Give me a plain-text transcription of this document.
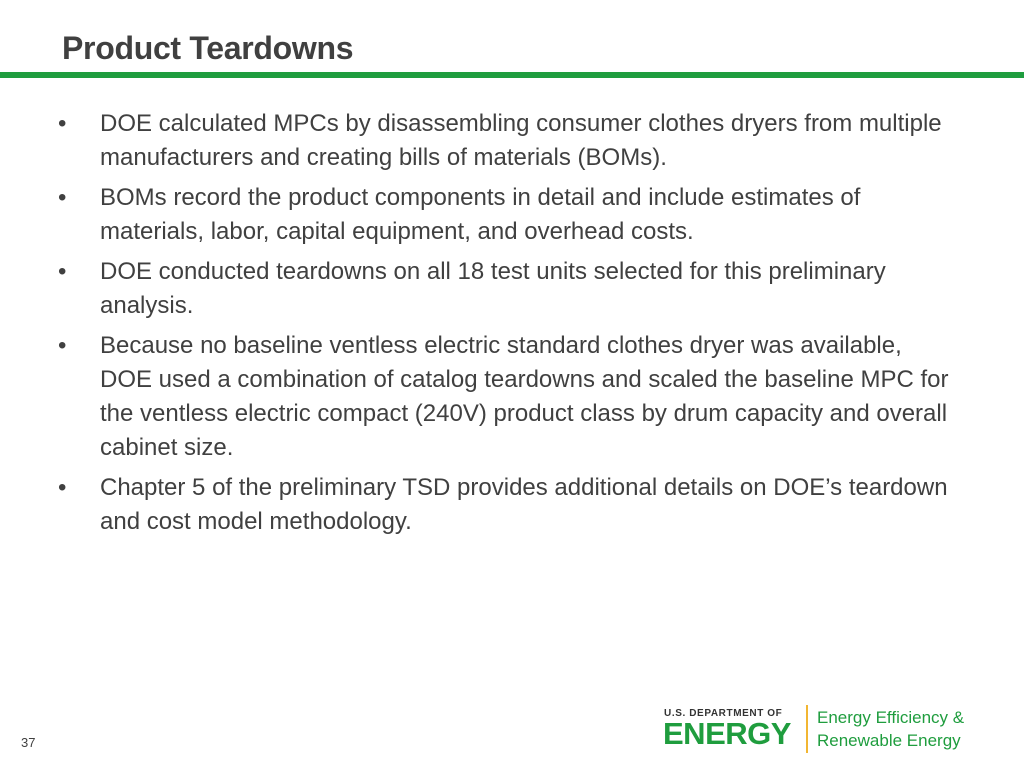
Product Teardowns
•	DOE calculated MPCs by disassembling consumer clothes dryers from multiple manufacturers and creating bills of materials (BOMs).
•	BOMs record the product components in detail and include estimates of materials, labor, capital equipment, and overhead costs.
•	DOE conducted teardowns on all 18 test units selected for this preliminary analysis.
•	Because no baseline ventless electric standard clothes dryer was available, DOE used a combination of catalog teardowns and scaled the baseline MPC for the ventless electric compact (240V) product class by drum capacity and overall cabinet size.
•	Chapter 5 of the preliminary TSD provides additional details on DOE’s teardown and cost model methodology.
37
U.S. DEPARTMENT OF
ENERGY Energy Efficiency &
Renewable Energy
